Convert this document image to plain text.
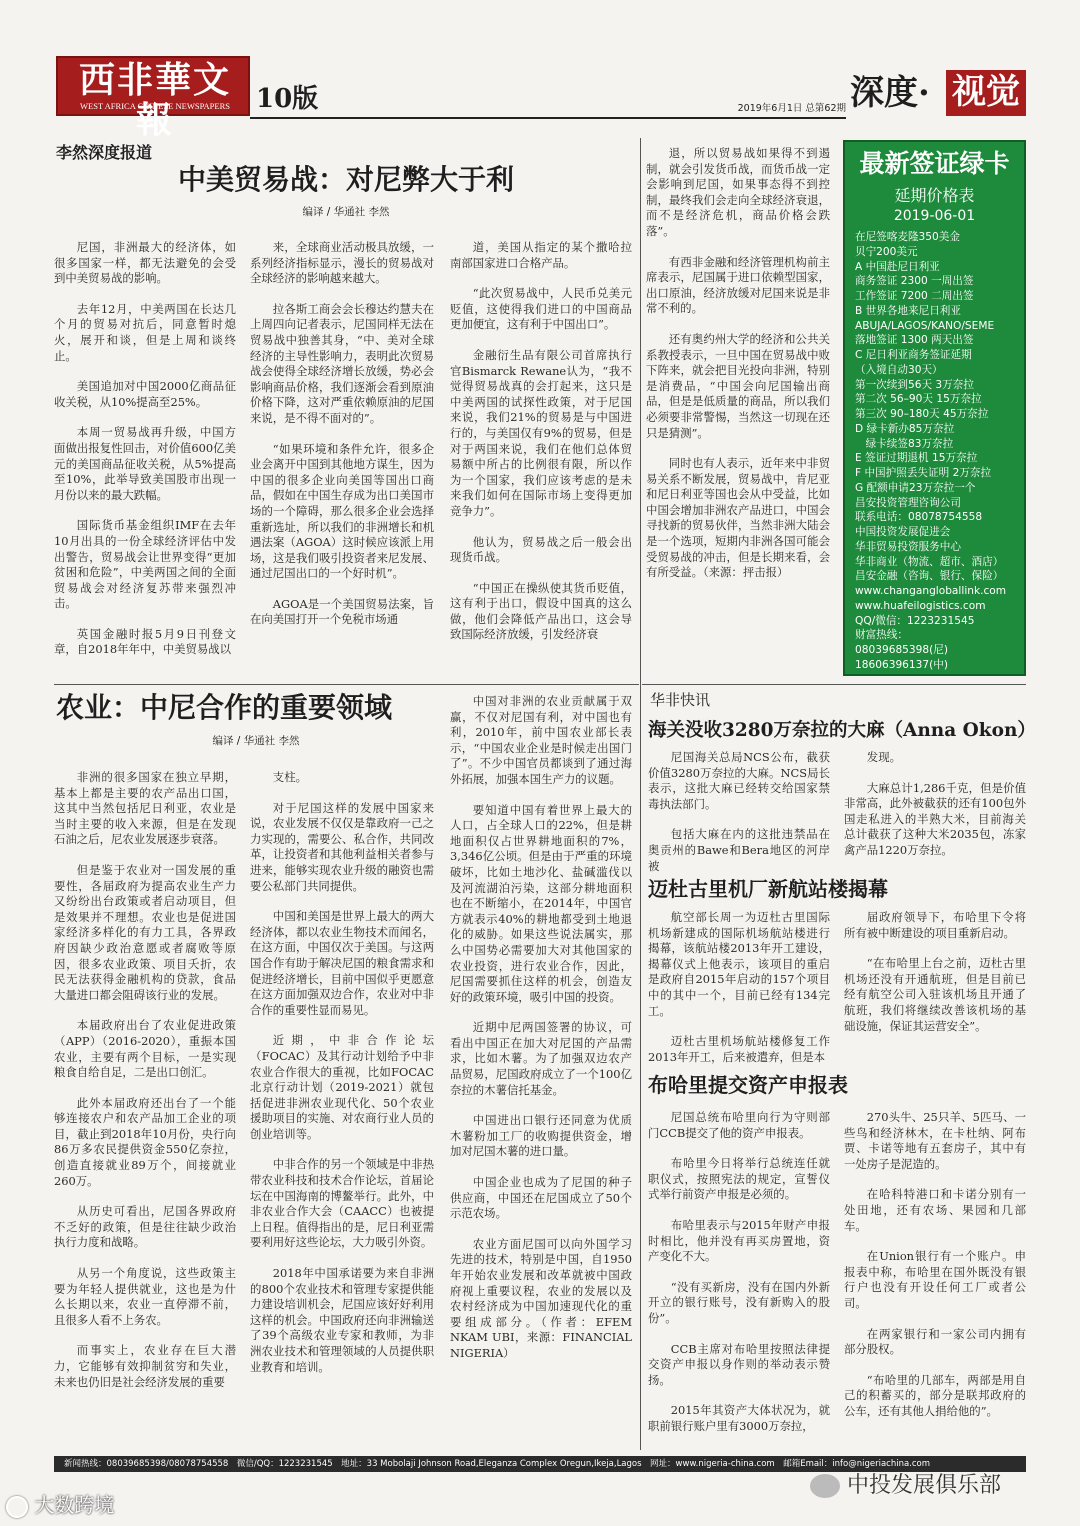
西非華文報
WEST AFRICA CHINESE NEWSPAPERS	10版	2019年6月1日 总第62期 深度· 视觉
李然深度报道
中美贸易战：对尼弊大于利
编译 / 华通社 李然

尼国，非洲最大的经济体，如很多国家一样，都无法避免的会受到中美贸易战的影响。

去年12月，中美两国在长达几个月的贸易对抗后，同意暂时熄火，展开和谈，但是上周和谈终止。

美国追加对中国2000亿商品征收关税，从10%提高至25%。

本周一贸易战再升级，中国方面做出报复性回击，对价值600亿美元的美国商品征收关税，从5%提高至10%，此举导致美国股市出现一月份以来的最大跌幅。

国际货币基金组织IMF在去年10月出具的一份全球经济评估中发出警告，贸易战会让世界变得“更加贫困和危险”，中美两国之间的全面贸易战会对经济复苏带来强烈冲击。

英国金融时报5月9日刊登文章，自2018年年中，中美贸易战以

来，全球商业活动极具放缓，一系列经济指标显示，漫长的贸易战对全球经济的影响越来越大。

拉各斯工商会会长穆达约慧夫在上周四向记者表示，尼国同样无法在贸易战中独善其身，“中、美对全球经济的主导性影响力，表明此次贸易战会使得全球经济增长放缓，势必会影响商品价格，我们逐渐会看到原油价格下降，这对严重依赖原油的尼国来说，是不得不面对的”。

“如果环境和条件允许，很多企业会离开中国到其他地方谋生，因为中国的很多企业向美国等国出口商品，假如在中国生存成为出口美国市场的一个障碍，那么很多企业会选择重新选址，所以我们的非洲增长和机遇法案（AGOA）这时候应该派上用场，这是我们吸引投资者来尼发展、通过尼国出口的一个好时机”。

AGOA是一个美国贸易法案，旨在向美国打开一个免税市场通

道，美国从指定的某个撒哈拉南部国家进口合格产品。

“此次贸易战中，人民币兑美元贬值，这使得我们进口的中国商品更加便宜，这有利于中国出口”。

金融衍生品有限公司首席执行官Bismarck Rewane认为，“我不觉得贸易战真的会打起来，这只是中美两国的试探性政策，对于尼国来说，我们21%的贸易是与中国进行的，与美国仅有9%的贸易，但是对于两国来说，我们在他们总体贸易额中所占的比例很有限，所以作为一个国家，我们应该考虑的是未来我们如何在国际市场上变得更加竞争力”。

他认为，贸易战之后一般会出现货币战。

“中国正在操纵使其货币贬值，这有利于出口，假设中国真的这么做，他们会降低产品出口，这会导致国际经济放缓，引发经济衰

退，所以贸易战如果得不到遏制，就会引发货币战，而货币战一定会影响到尼国，如果事态得不到控制，最终我们会走向全球经济衰退，而不是经济危机，商品价格会跌落”。

有西非金融和经济管理机构前主席表示，尼国属于进口依赖型国家，出口原油，经济放缓对尼国来说是非常不利的。

还有奥约州大学的经济和公共关系教授表示，一旦中国在贸易战中败下阵来，就会把目光投向非洲，特别是消费品，“中国会向尼国输出商品，但是是低质量的商品，所以我们必须要非常警惕，当然这一切现在还只是猜测”。

同时也有人表示，近年来中非贸易关系不断发展，贸易战中，肯尼亚和尼日利亚等国也会从中受益，比如中国会增加非洲农产品进口，中国会寻找新的贸易伙伴，当然非洲大陆会是一个选项，短期内非洲各国可能会受贸易战的冲击，但是长期来看，会有所受益。（来源：抨击报）

最新签证绿卡
延期价格表
2019-06-01
在尼签喀麦隆350美金
贝宁200美元
A 中国赴尼日利亚
商务签证 2300 一周出签
工作签证 7200 二周出签
B 世界各地来尼日利亚
ABUJA/LAGOS/KANO/SEME
落地签证 1300 两天出签
C 尼日利亚商务签证延期
（入境自动30天）
第一次续到56天 3万奈拉
第二次 56–90天 15万奈拉
第三次 90–180天 45万奈拉
D 绿卡新办85万奈拉
　绿卡续签83万奈拉
E 签证过期退机 15万奈拉
F 中国护照丢失证明 2万奈拉
G 配额申请23万奈拉一个
昌安投资管理咨询公司
联系电话：08078754558
中国投资发展促进会
华非贸易投资服务中心
华非商业（物流、超市、酒店）
昌安金融（咨询、银行、保险）
www.changangloballink.com
www.huafeilogistics.com
QQ/微信：1223231545
财富热线：
08039685398(尼)
18606396137(中)
农业：中尼合作的重要领域
编译 / 华通社 李然

非洲的很多国家在独立早期，基本上都是主要的农产品出口国，这其中当然包括尼日利亚，农业是当时主要的收入来源，但是在发现石油之后，尼农业发展逐步衰落。

但是鉴于农业对一国发展的重要性，各届政府为提高农业生产力又纷纷出台政策或者启动项目，但是效果并不理想。农业也是促进国家经济多样化的有力工具，各界政府因缺少政治意愿或者腐败等原因，很多农业政策、项目夭折，农民无法获得金融机构的贷款，食品大量进口都会阻碍该行业的发展。

本届政府出台了农业促进政策（APP）（2016-2020），重振本国农业，主要有两个目标，一是实现粮食自给自足，二是出口创汇。

此外本届政府还出台了一个能够连接农户和农产品加工企业的项目，截止到2018年10月份，央行向86万多农民提供资金550亿奈拉，创造直接就业89万个，间接就业260万。

从历史可看出，尼国各界政府不乏好的政策，但是往往缺少政治执行力度和战略。

从另一个角度说，这些政策主要为年轻人提供就业，这也是为什么长期以来，农业一直停滞不前，且很多人看不上务农。

而事实上，农业存在巨大潜力，它能够有效抑制贫穷和失业，未来也仍旧是社会经济发展的重要

支柱。

对于尼国这样的发展中国家来说，农业发展不仅仅是靠政府一己之力实现的，需要公、私合作，共同改革，让投资者和其他利益相关者参与进来，能够实现农业升级的融资也需要公私部门共同提供。

中国和美国是世界上最大的两大经济体，都以农业生物技术而闻名，在这方面，中国仅次于美国。与这两国合作有助于解决尼国的粮食需求和促进经济增长，目前中国似乎更愿意在这方面加强双边合作，农业对中非合作的重要性显而易见。

近期，中非合作论坛（FOCAC）及其行动计划给予中非农业合作很大的重视，比如FOCAC北京行动计划（2019-2021）就包括促进非洲农业现代化、50个农业援助项目的实施、对农商行业人员的创业培训等。

中非合作的另一个领域是中非热带农业科技和技术合作论坛，首届论坛在中国海南的博鳌举行。此外，中非农业合作大会（CAACC）也被提上日程。值得指出的是，尼日利亚需要利用好这些论坛，大力吸引外资。

2018年中国承诺要为来自非洲的800个农业技术和管理专家提供能力建设培训机会，尼国应该好好利用这样的机会。中国政府还向非洲输送了39个高级农业专家和教师，为非洲农业技术和管理领域的人员提供职业教育和培训。

中国对非洲的农业贡献属于双赢，不仅对尼国有利，对中国也有利，2010年，前中国农业部长表示，“中国农业企业是时候走出国门了”。不少中国官员都谈到了通过海外拓展，加强本国生产力的议题。

要知道中国有着世界上最大的人口，占全球人口的22%，但是耕地面积仅占世界耕地面积的7%，3,346亿公顷。但是由于严重的环境破坏，比如土地沙化、盐碱滥伐以及河流湖泊污染，这部分耕地面积也在不断缩小，在2014年，中国官方就表示40%的耕地都受到土地退化的威胁。如果这些说法属实，那么中国势必需要加大对其他国家的农业投资，进行农业合作，因此，尼国需要抓住这样的机会，创造友好的政策环境，吸引中国的投资。

近期中尼两国签署的协议，可看出中国正在加大对尼国的产品需求，比如木薯。为了加强双边农产品贸易，尼国政府成立了一个100亿奈拉的木薯信托基金。

中国进出口银行还同意为优质木薯粉加工厂的收购提供资金，增加对尼国木薯的进口量。

中国企业也成为了尼国的种子供应商，中国还在尼国成立了50个示范农场。

农业方面尼国可以向外国学习先进的技术，特别是中国，自1950年开始农业发展和改革就被中国政府视上重要议程，农业的发展以及农村经济成为中国加速现代化的重要组成部分。（作者：EFEM NKAM UBI，来源：FINANCIAL NIGERIA）

华非快讯
海关没收3280万奈拉的大麻（Anna Okon）

尼国海关总局NCS公布，截获价值3280万奈拉的大麻。NCS局长表示，这批大麻已经转交给国家禁毒执法部门。

包括大麻在内的这批违禁品在奥贡州的Bawe和Bera地区的河岸被

发现。

大麻总计1,286千克，但是价值非常高，此外被截获的还有100包外国走私进入的半熟大米，目前海关总计截获了这种大米2035包，冻家禽产品1220万奈拉。

迈杜古里机厂新航站楼揭幕

航空部长周一为迈杜古里国际机场新建成的国际机场航站楼进行揭幕，该航站楼2013年开工建设，揭幕仪式上他表示，该项目的重启是政府自2015年启动的157个项目中的其中一个，目前已经有134完工。

迈杜古里机场航站楼修复工作2013年开工，后来被遣弃，但是本

届政府领导下，布哈里下令将所有被中断建设的项目重新启动。

“在布哈里上台之前，迈杜古里机场还没有开通航班，但是目前已经有航空公司入驻该机场且开通了航班，我们将继续改善该机场的基础设施，保证其运营安全”。

布哈里提交资产申报表

尼国总统布哈里向行为守则部门CCB提交了他的资产申报表。

布哈里今日将举行总统连任就职仪式，按照宪法的规定，宣誓仪式举行前资产申报是必须的。

布哈里表示与2015年财产申报时相比，他并没有再买房置地，资产变化不大。

“没有买新房，没有在国内外新开立的银行账号，没有新购入的股份”。

CCB主席对布哈里按照法律提交资产申报以身作则的举动表示赞扬。

2015年其资产大体状况为，就职前银行账户里有3000万奈拉，

270头牛、25只羊、5匹马、一些鸟和经济林木，在卡杜纳、阿布贾、卡诺等地有五套房子，其中有一处房子是泥造的。

在哈科特港口和卡诺分别有一处田地，还有农场、果园和几部车。

在Union银行有一个账户。申报表中称，布哈里在国外既没有银行户也没有开设任何工厂或者公司。

在两家银行和一家公司内拥有部分股权。

“布哈里的几部车，两部是用自己的积蓄买的，部分是联邦政府的公车，还有其他人捐给他的”。

新闻热线：08039685398/08078754558　微信/QQ：1223231545　地址：33 Mobolaji Johnson Road,Eleganza Complex Oregun,Ikeja,Lagos　网址：www.nigeria-china.com　邮箱Email：info@nigeriachina.com
大数跨境
中投发展俱乐部
